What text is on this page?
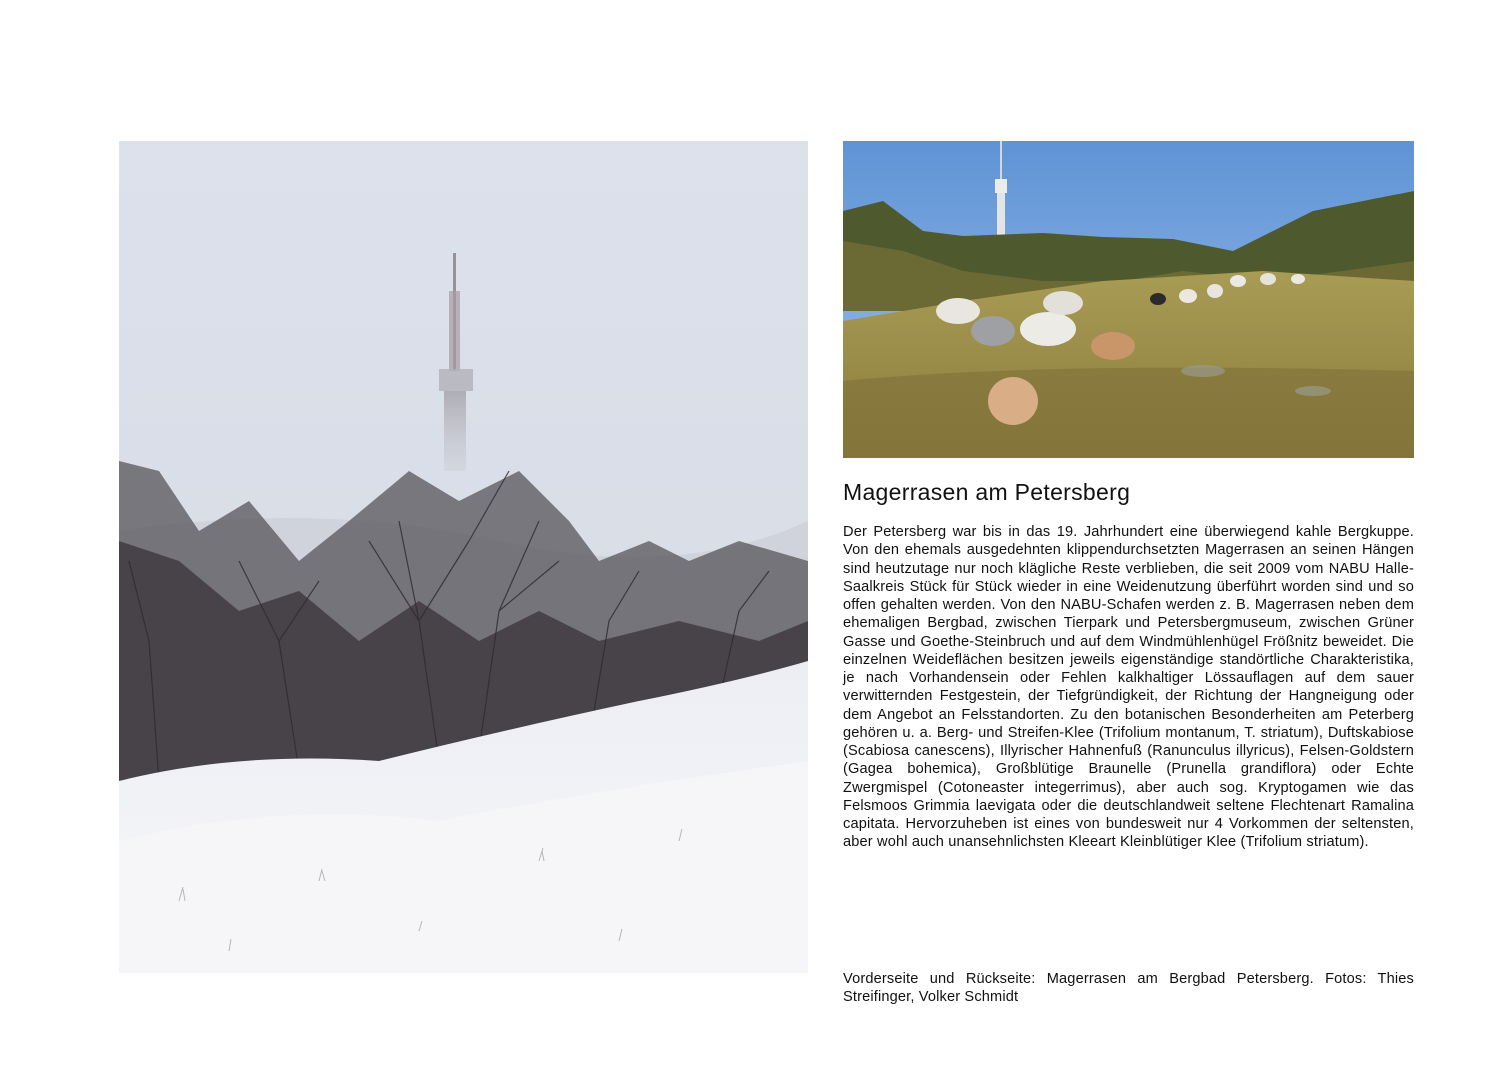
Magerrasen am Petersberg

Der Petersberg war bis in das 19. Jahrhundert eine überwiegend kahle Bergkuppe. Von den ehemals ausgedehnten klippendurchsetzten Magerrasen an seinen Hängen sind heutzutage nur noch klägliche Reste verblieben, die seit 2009 vom NABU Halle-Saalkreis Stück für Stück wieder in eine Weidenutzung überführt worden sind und so offen gehalten werden. Von den NABU-Schafen werden z. B. Magerrasen neben dem ehemaligen Bergbad, zwischen Tierpark und Petersbergmuseum, zwischen Grüner Gasse und Goethe-Steinbruch und auf dem Windmühlenhügel Frößnitz beweidet. Die einzelnen Weideflächen besitzen jeweils eigenständige standörtliche Charakteristika, je nach Vorhandensein oder Fehlen kalkhaltiger Lössauflagen auf dem sauer verwitternden Festgestein, der Tiefgründigkeit, der Richtung der Hangneigung oder dem Angebot an Felsstandorten. Zu den botanischen Besonderheiten am Peterberg gehören u. a. Berg- und Streifen-Klee (Trifolium montanum, T. striatum), Duftskabiose (Scabiosa canescens), Illyrischer Hahnenfuß (Ranunculus illyricus), Felsen-Goldstern (Gagea bohemica), Großblütige Braunelle (Prunella grandiflora) oder Echte Zwergmispel (Cotoneaster integerrimus), aber auch sog. Kryptogamen wie das Felsmoos Grimmia laevigata oder die deutschlandweit seltene Flechtenart Ramalina capitata. Hervorzuheben ist eines von bundesweit nur 4 Vorkommen der seltensten, aber wohl auch unansehnlichsten Kleeart Kleinblütiger Klee (Trifolium striatum).

Vorderseite und Rückseite: Magerrasen am Bergbad Petersberg. Fotos: Thies Streifinger, Volker Schmidt
